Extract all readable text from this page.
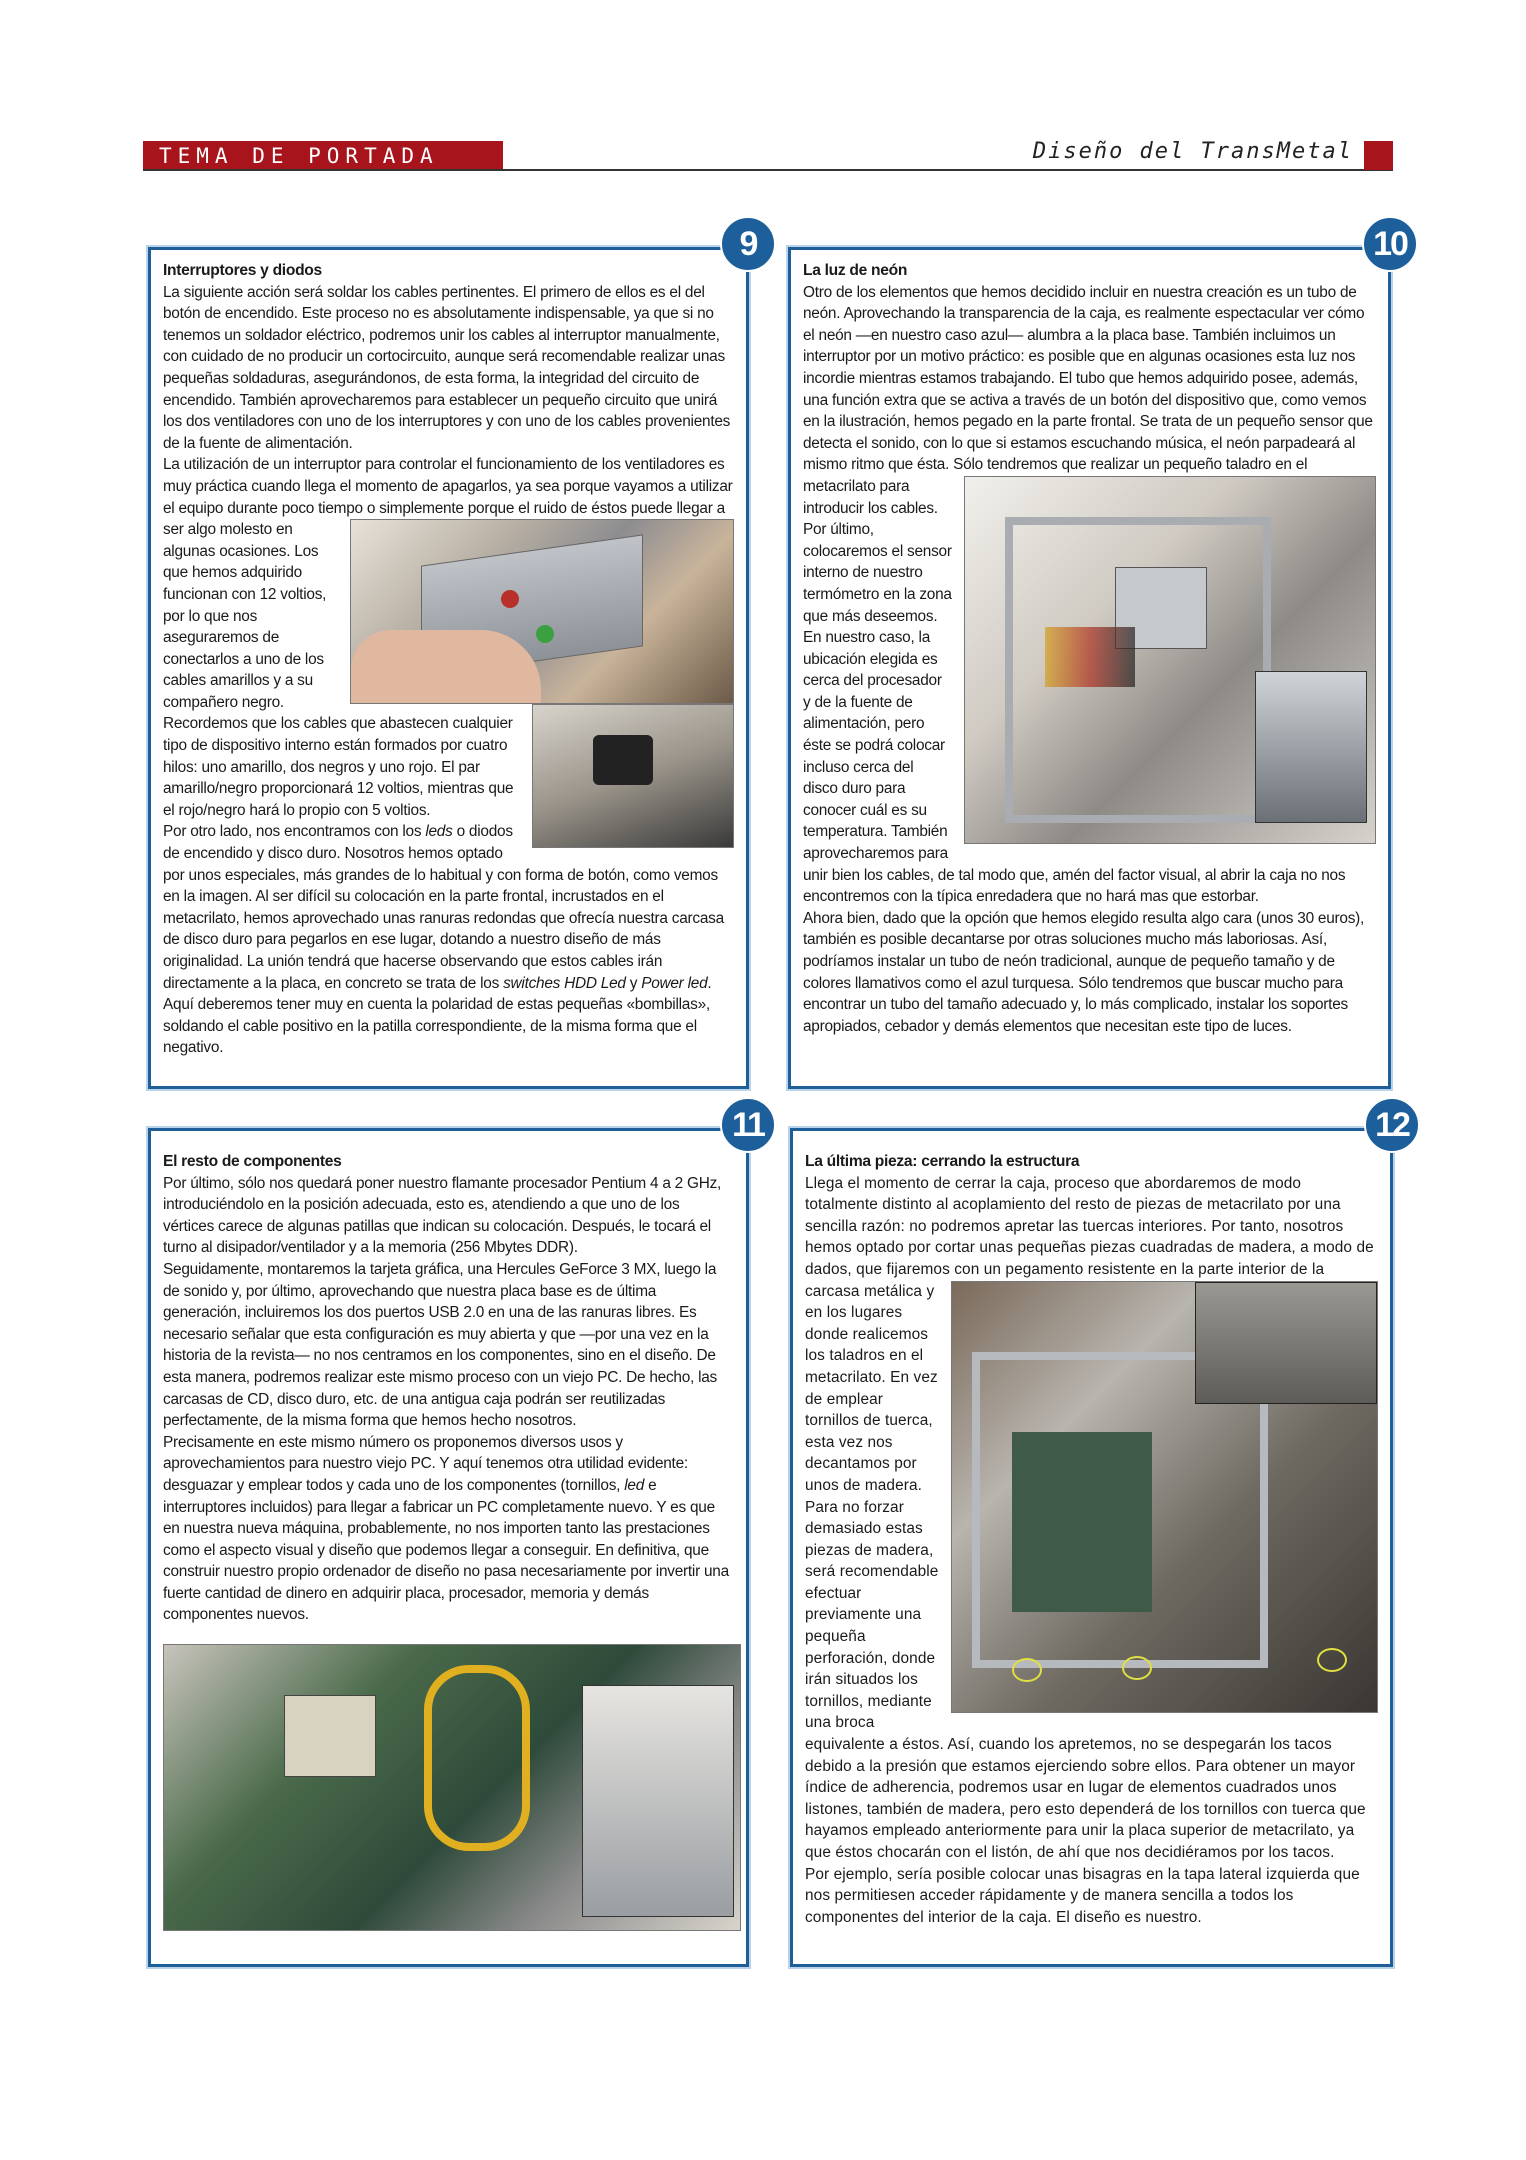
TEMA DE PORTADA	Diseño del TransMetal
9
Interruptores y diodos

La siguiente acción será soldar los cables pertinentes. El primero de ellos es el del botón de encendido. Este proceso no es absolutamente indispensable, ya que si no tenemos un soldador eléctrico, podremos unir los cables al interruptor manualmente, con cuidado de no producir un cortocircuito, aunque será recomendable realizar unas pequeñas soldaduras, asegurándonos, de esta forma, la integridad del circuito de encendido. También aprovecharemos para establecer un pequeño circuito que unirá los dos ventiladores con uno de los interruptores y con uno de los cables provenientes de la fuente de alimentación.

La utilización de un interruptor para controlar el funcionamiento de los ventiladores es muy práctica cuando llega el momento de apagarlos, ya sea porque vayamos a utilizar el equipo durante poco tiempo o simplemente porque el ruido de éstos
puede llegar a ser algo molesto en algunas ocasiones. Los que hemos adquirido funcionan con 12 voltios, por lo que nos aseguraremos de conectarlos a uno de los cables amarillos y a su compañero negro.

Recordemos que los cables que abastecen cualquier tipo de dispositivo interno están formados por cuatro hilos: uno amarillo, dos negros y uno rojo. El par amarillo/negro proporcionará 12 voltios, mientras que el rojo/negro hará lo propio con 5 voltios.

Por otro lado, nos encontramos con los leds o diodos de encendido y disco duro. Nosotros hemos optado por unos especiales, más grandes de lo habitual y con forma de botón, como vemos en la imagen. Al ser difícil su colocación en la parte frontal, incrustados en el metacrilato, hemos aprovechado unas ranuras redondas que ofrecía nuestra carcasa de disco duro para pegarlos en ese lugar, dotando a nuestro diseño de más originalidad. La unión tendrá que hacerse observando que estos cables irán directamente a la placa, en concreto se trata de los switches HDD Led y Power led. Aquí deberemos tener muy en cuenta la polaridad de estas pequeñas «bombillas», soldando el cable positivo en la patilla correspondiente, de la misma forma que el negativo.

10
La luz de neón

Otro de los elementos que hemos decidido incluir en nuestra creación es un tubo de neón. Aprovechando la transparencia de la caja, es realmente espectacular ver cómo el neón —en nuestro caso azul— alumbra a la placa base. También incluimos un interruptor por un motivo práctico: es posible que en algunas ocasiones esta luz nos incordie mientras estamos trabajando. El tubo que hemos adquirido posee, además, una función extra que se activa a través de un botón del dispositivo que, como vemos en la ilustración, hemos pegado en la parte frontal. Se trata de un pequeño sensor que detecta el sonido, con lo que si estamos escuchando música, el neón parpadeará al mismo ritmo que ésta. Sólo tendremos
que realizar un pequeño taladro en el metacrilato para introducir los cables.

Por último, colocaremos el sensor interno de nuestro termómetro en la zona que más deseemos. En nuestro caso, la ubicación elegida es cerca del procesador y de la fuente de alimentación, pero éste se podrá colocar incluso cerca del disco duro para conocer cuál es su temperatura. También aprovecharemos para unir bien los cables, de tal modo que, amén del factor visual, al abrir la caja no nos encontremos con la típica enredadera que no hará mas que estorbar.

Ahora bien, dado que la opción que hemos elegido resulta algo cara (unos 30 euros), también es posible decantarse por otras soluciones mucho más laboriosas. Así, podríamos instalar un tubo de neón tradicional, aunque de pequeño tamaño y de colores llamativos como el azul turquesa. Sólo tendremos que buscar mucho para encontrar un tubo del tamaño adecuado y, lo más complicado, instalar los soportes apropiados, cebador y demás elementos que necesitan este tipo de luces.

11
El resto de componentes

Por último, sólo nos quedará poner nuestro flamante procesador Pentium 4 a 2 GHz, introduciéndolo en la posición adecuada, esto es, atendiendo a que uno de los vértices carece de algunas patillas que indican su colocación. Después, le tocará el turno al disipador/ventilador y a la memoria (256 Mbytes DDR).

Seguidamente, montaremos la tarjeta gráfica, una Hercules GeForce 3 MX, luego la de sonido y, por último, aprovechando que nuestra placa base es de última generación, incluiremos los dos puertos USB 2.0 en una de las ranuras libres. Es necesario señalar que esta configuración es muy abierta y que —por una vez en la historia de la revista— no nos centramos en los componentes, sino en el diseño. De esta manera, podremos realizar este mismo proceso con un viejo PC. De hecho, las carcasas de CD, disco duro, etc. de una antigua caja podrán ser reutilizadas perfectamente, de la misma forma que hemos hecho nosotros.

Precisamente en este mismo número os proponemos diversos usos y aprovechamientos para nuestro viejo PC. Y aquí tenemos otra utilidad evidente: desguazar y emplear todos y cada uno de los componentes (tornillos, led e interruptores incluidos) para llegar a fabricar un PC completamente nuevo. Y es que en nuestra nueva máquina, probablemente, no nos importen tanto las prestaciones como el aspecto visual y diseño que podemos llegar a conseguir. En definitiva, que construir nuestro propio ordenador de diseño no pasa necesariamente por invertir una fuerte cantidad de dinero en adquirir placa, procesador, memoria y demás componentes nuevos.

12
La última pieza: cerrando la estructura

Llega el momento de cerrar la caja, proceso que abordaremos de modo totalmente distinto al acoplamiento del resto de piezas de metacrilato por una sencilla razón: no podremos apretar las tuercas interiores. Por tanto, nosotros hemos optado por cortar unas pequeñas piezas cuadradas de madera, a modo de dados, que fijaremos con un pegamento resistente en la
parte interior de la carcasa metálica y en los lugares donde realicemos los taladros en el metacrilato. En vez de emplear tornillos de tuerca, esta vez nos decantamos por unos de madera. Para no forzar demasiado estas piezas de madera, será recomendable efectuar previamente una pequeña perforación, donde irán situados los tornillos, mediante una broca equivalente a éstos. Así, cuando los apretemos, no se despegarán los tacos debido a la presión que estamos ejerciendo sobre ellos. Para obtener un mayor índice de adherencia, podremos usar en lugar de elementos cuadrados unos listones, también de madera, pero esto dependerá de los tornillos con tuerca que hayamos empleado anteriormente para unir la placa superior de metacrilato, ya que éstos chocarán con el listón, de ahí que nos decidiéramos por los tacos.

Por ejemplo, sería posible colocar unas bisagras en la tapa lateral izquierda que nos permitiesen acceder rápidamente y de manera sencilla a todos los componentes del interior de la caja. El diseño es nuestro.
